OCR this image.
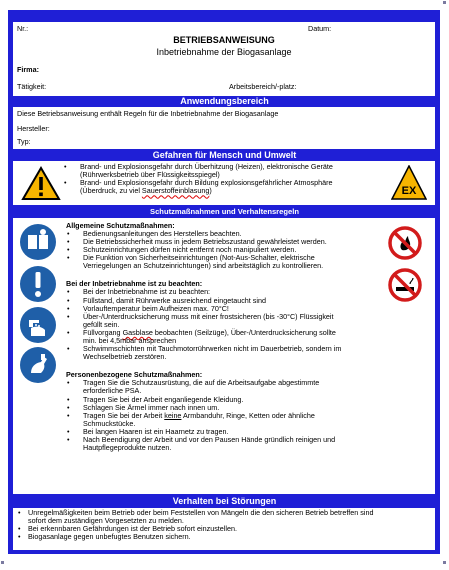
Nr.:	Datum:
BETRIEBSANWEISUNG
Inbetriebnahme der Biogasanlage
Firma:
Tätigkeit:	Arbeitsbereich/-platz:
Anwendungsbereich
Diese Betriebsanweisung enthält Regeln für die Inbetriebnahme der Biogasanlage
Hersteller:
Typ:
Gefahren für Mensch und Umwelt
• Brand- und Explosionsgefahr durch Überhitzung (Heizen), elektronische Geräte
(Rührwerksbetrieb über Flüssigkeitsspiegel)
• Brand- und Explosionsgefahr durch Bildung explosionsgefährlicher Atmosphäre
(Überdruck, zu viel Sauerstoffeinblasung)	EX
Schutzmaßnahmen und Verhaltensregeln
Allgemeine Schutzmaßnahmen:
• Bedienungsanleitungen des Herstellers beachten.
• Die Betriebssicherheit muss in jedem Betriebszustand gewährleistet werden.
• Schutzeinrichtungen dürfen nicht entfernt noch manipuliert werden.
• Die Funktion von Sicherheitseinrichtungen (Not-Aus-Schalter, elektrische
Verriegelungen an Schutzeinrichtungen) sind arbeitstäglich zu kontrollieren.
Bei der Inbetriebnahme ist zu beachten:
• Bei der Inbetriebnahme ist zu beachten:
• Füllstand, damit Rührwerke ausreichend eingetaucht sind
• Vorlauftemperatur beim Aufheizen max. 70°C!
• Über-/Unterdrucksicherung muss mit einer frostsicheren (bis -30°C) Flüssigkeit
gefüllt sein.
• Füllvorgang Gasblase beobachten (Seilzüge), Über-/Unterdrucksicherung sollte
min. bei 4,5mbar ansprechen
• Schwimmschichten mit Tauchmotorrührwerken nicht im Dauerbetrieb, sondern im
Wechselbetrieb zerstören.
Personenbezogene Schutzmaßnahmen:
• Tragen Sie die Schutzausrüstung, die auf die Arbeitsaufgabe abgestimmte
erforderliche PSA.
• Tragen Sie bei der Arbeit enganliegende Kleidung.
• Schlagen Sie Ärmel immer nach innen um.
• Tragen Sie bei der Arbeit keine Armbanduhr, Ringe, Ketten oder ähnliche
Schmuckstücke.
• Bei langen Haaren ist ein Haarnetz zu tragen.
• Nach Beendigung der Arbeit und vor den Pausen Hände gründlich reinigen und
Hautpflegeprodukte nutzen.
Verhalten bei Störungen
• Unregelmäßigkeiten beim Betrieb oder beim Feststellen von Mängeln die den sicheren Betrieb betreffen sind
sofort dem zuständigen Vorgesetzten zu melden.
• Bei erkennbaren Gefährdungen ist der Betrieb sofort einzustellen.
• Biogasanlage gegen unbefugtes Benutzen sichern.
